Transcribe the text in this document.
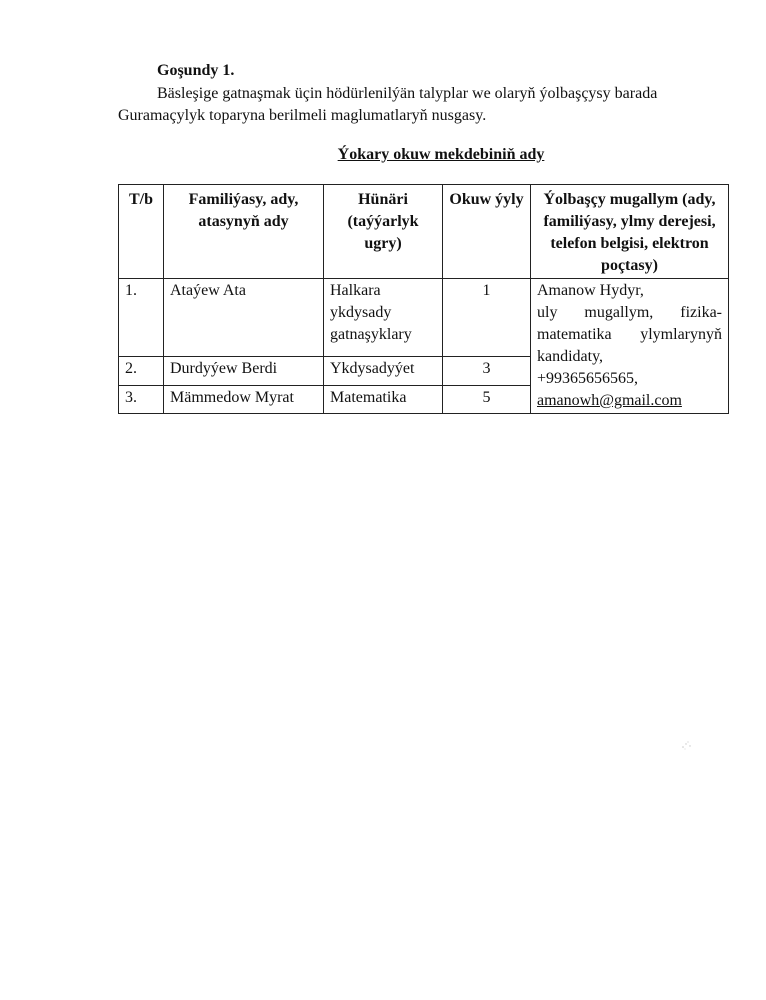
Goşundy 1.

Bäsleşige gatnaşmak üçin hödürlenilýän talyplar we olaryň ýolbaşçysy barada Guramaçylyk toparyna berilmeli maglumatlaryň nusgasy.

Ýokary okuw mekdebiniň ady

T/b	Familiýasy, ady, atasynyň ady	Hünäri (taýýarlyk ugry)	Okuw ýyly	Ýolbaşçy mugallym (ady, familiýasy, ylmy derejesi, telefon belgisi, elektron poçtasy)
1.	Ataýew Ata	Halkara ykdysady gatnaşyklary	1	Amanow Hydyr,
uly mugallym, fizika-matematika ylymlarynyň kandidaty,
+99365656565,
amanowh@gmail.com

2.	Durdyýew Berdi	Ykdysadyýet	3	
3.	Mämmedow Myrat	Matematika	5	
